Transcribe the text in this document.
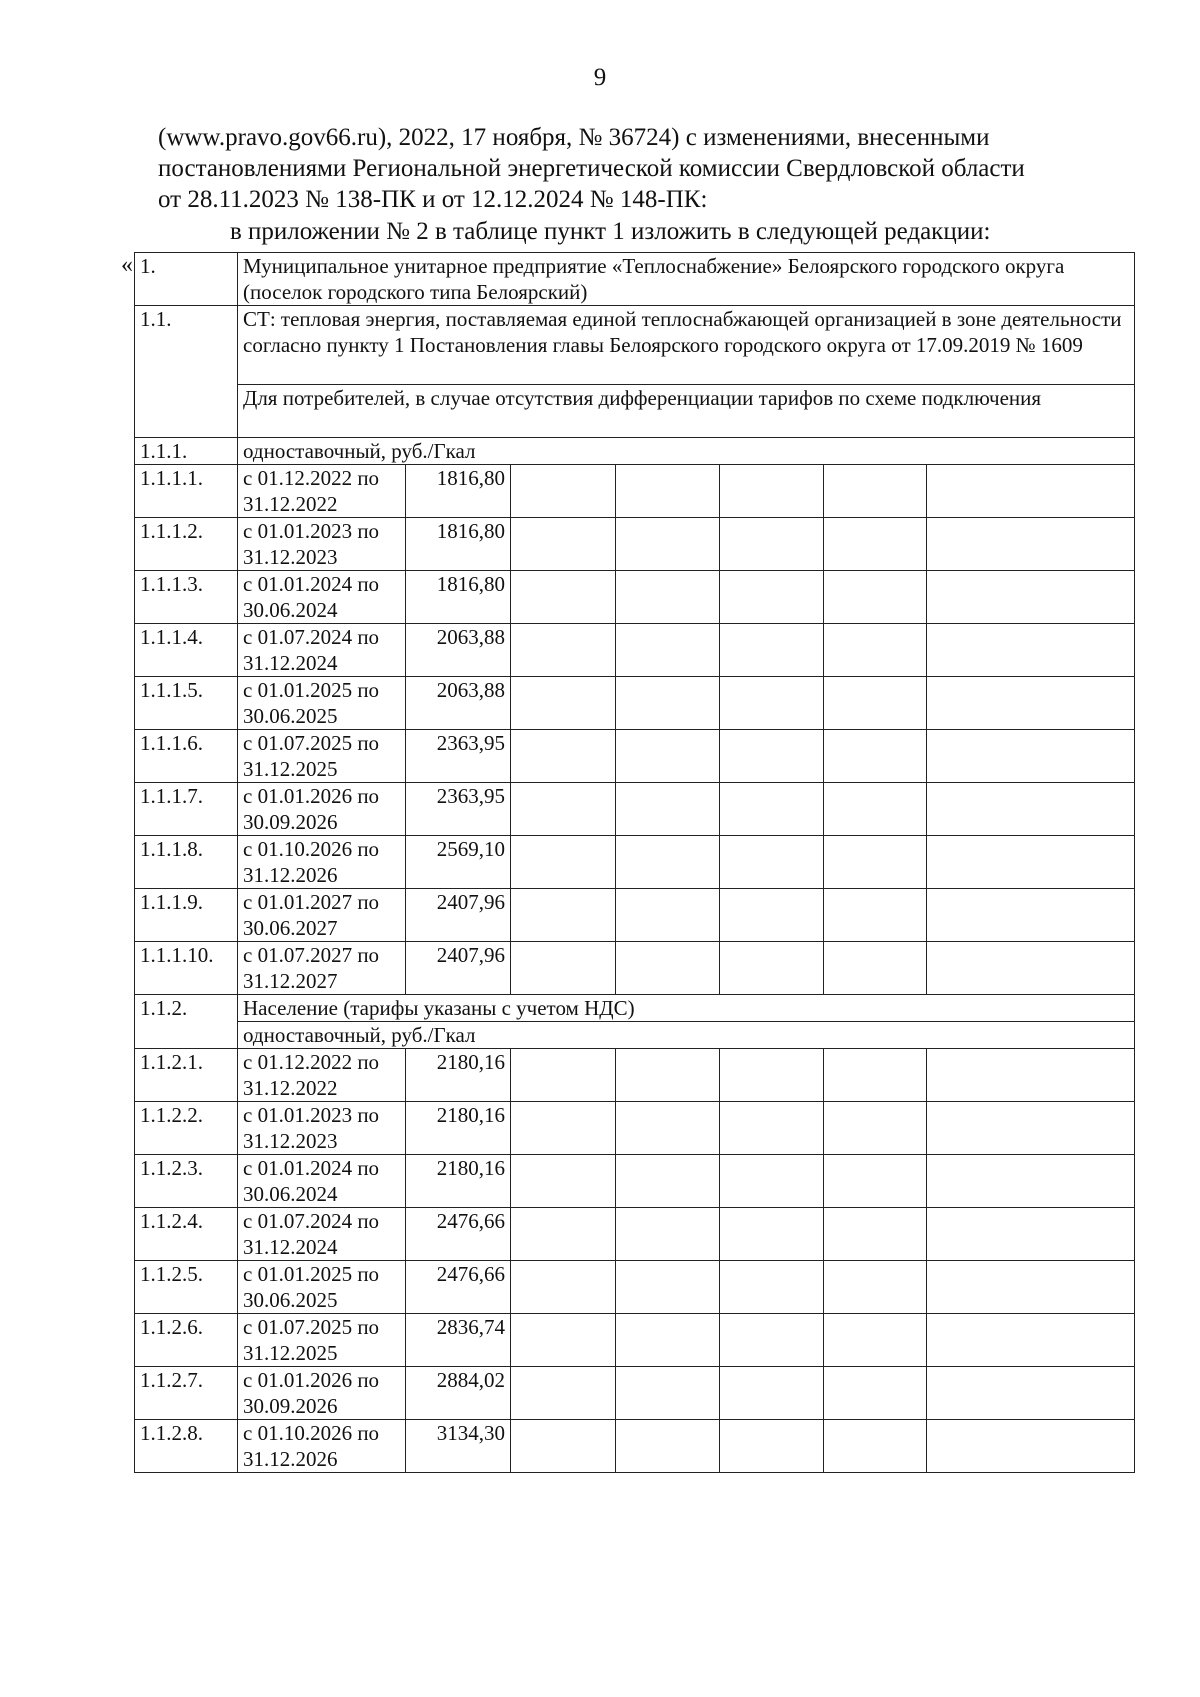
9
(www.pravo.gov66.ru), 2022, 17 ноября, № 36724) с изменениями, внесенными
постановлениями Региональной энергетической комиссии Свердловской области
от 28.11.2023 № 138-ПК и от 12.12.2024 № 148-ПК:
в приложении № 2 в таблице пункт 1 изложить в следующей редакции:
« 1.	Муниципальное унитарное предприятие «Теплоснабжение» Белоярского городского округа (поселок городского типа Белоярский)						
1.1.	СТ: тепловая энергия, поставляемая единой теплоснабжающей организацией в зоне деятельности согласно пункту 1 Постановления главы Белоярского городского округа от 17.09.2019 № 1609						
	Для потребителей, в случае отсутствия дифференциации тарифов по схеме подключения						
1.1.1.	одноставочный, руб./Гкал						
1.1.1.1.	с 01.12.2022 по 31.12.2022	1816,80					
1.1.1.2.	с 01.01.2023 по 31.12.2023	1816,80					
1.1.1.3.	с 01.01.2024 по 30.06.2024	1816,80					
1.1.1.4.	с 01.07.2024 по 31.12.2024	2063,88					
1.1.1.5.	с 01.01.2025 по 30.06.2025	2063,88					
1.1.1.6.	с 01.07.2025 по 31.12.2025	2363,95					
1.1.1.7.	с 01.01.2026 по 30.09.2026	2363,95					
1.1.1.8.	с 01.10.2026 по 31.12.2026	2569,10					
1.1.1.9.	с 01.01.2027 по 30.06.2027	2407,96					
1.1.1.10.	с 01.07.2027 по 31.12.2027	2407,96					
1.1.2.	Население (тарифы указаны с учетом НДС)						
	одноставочный, руб./Гкал						
1.1.2.1.	с 01.12.2022 по 31.12.2022	2180,16					
1.1.2.2.	с 01.01.2023 по 31.12.2023	2180,16					
1.1.2.3.	с 01.01.2024 по 30.06.2024	2180,16					
1.1.2.4.	с 01.07.2024 по 31.12.2024	2476,66					
1.1.2.5.	с 01.01.2025 по 30.06.2025	2476,66					
1.1.2.6.	с 01.07.2025 по 31.12.2025	2836,74					
1.1.2.7.	с 01.01.2026 по 30.09.2026	2884,02					
1.1.2.8.	с 01.10.2026 по 31.12.2026	3134,30					
